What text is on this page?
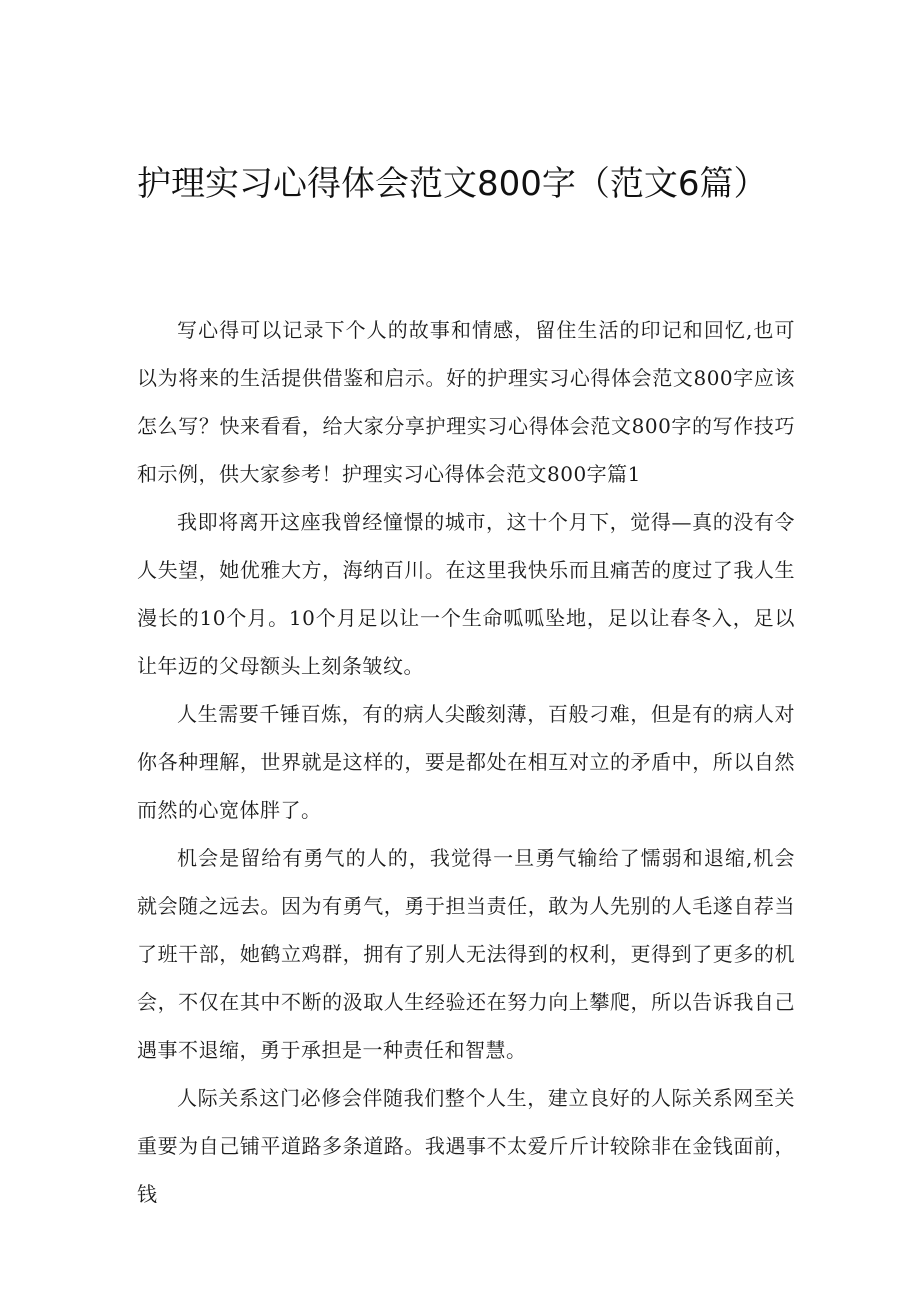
护理实习心得体会范文800字（范文6篇）

写心得可以记录下个人的故事和情感，留住生活的印记和回忆,也可以为将来的生活提供借鉴和启示。好的护理实习心得体会范文800字应该怎么写？快来看看，给大家分享护理实习心得体会范文800字的写作技巧和示例，供大家参考！护理实习心得体会范文800字篇1

我即将离开这座我曾经憧憬的城市，这十个月下，觉得—真的没有令人失望，她优雅大方，海纳百川。在这里我快乐而且痛苦的度过了我人生漫长的10个月。10个月足以让一个生命呱呱坠地，足以让春冬入，足以让年迈的父母额头上刻条皱纹。

人生需要千锤百炼，有的病人尖酸刻薄，百般刁难，但是有的病人对你各种理解，世界就是这样的，要是都处在相互对立的矛盾中，所以自然而然的心宽体胖了。

机会是留给有勇气的人的，我觉得一旦勇气输给了懦弱和退缩,机会就会随之远去。因为有勇气，勇于担当责任，敢为人先别的人毛遂自荐当了班干部，她鹤立鸡群，拥有了别人无法得到的权利，更得到了更多的机会，不仅在其中不断的汲取人生经验还在努力向上攀爬，所以告诉我自己遇事不退缩，勇于承担是一种责任和智慧。

人际关系这门必修会伴随我们整个人生，建立良好的人际关系网至关重要为自己铺平道路多条道路。我遇事不太爱斤斤计较除非在金钱面前，钱
